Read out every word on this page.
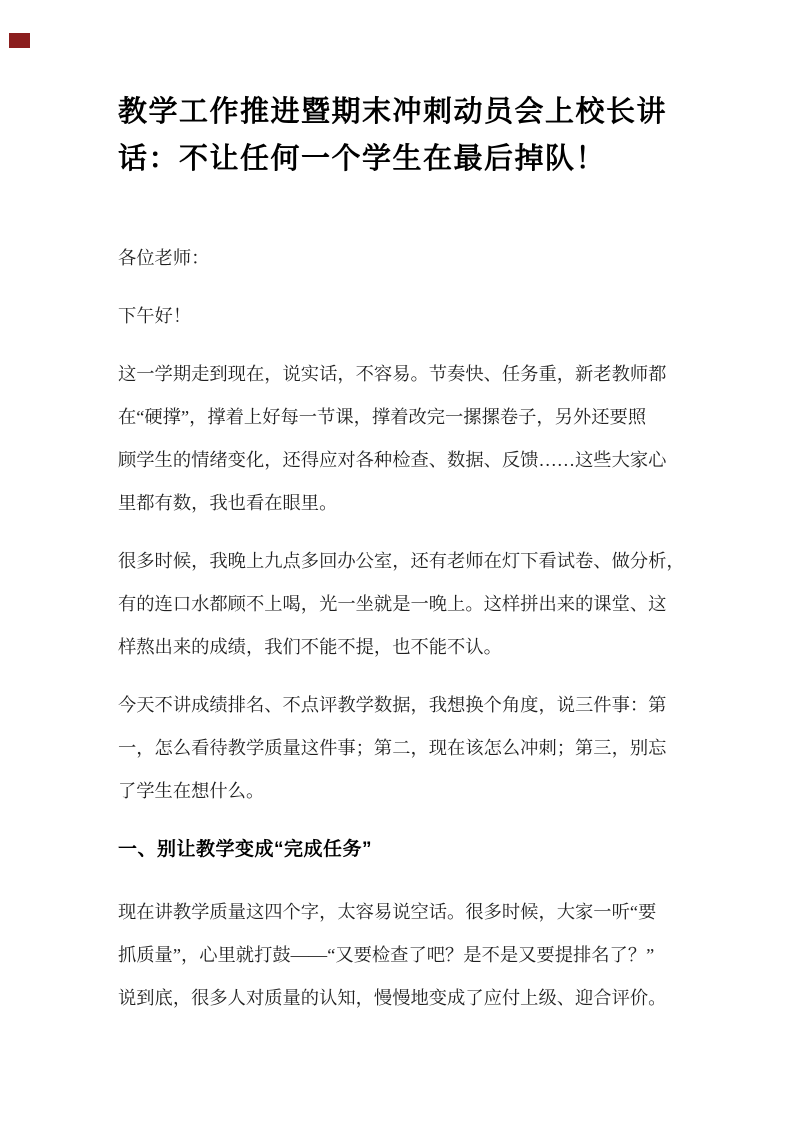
教学工作推进暨期末冲刺动员会上校长讲
话：不让任何一个学生在最后掉队！
各位老师：
下午好！
这一学期走到现在，说实话，不容易。节奏快、任务重，新老教师都
在“硬撑”，撑着上好每一节课，撑着改完一摞摞卷子，另外还要照
顾学生的情绪变化，还得应对各种检查、数据、反馈……这些大家心
里都有数，我也看在眼里。
很多时候，我晚上九点多回办公室，还有老师在灯下看试卷、做分析，
有的连口水都顾不上喝，光一坐就是一晚上。这样拼出来的课堂、这
样熬出来的成绩，我们不能不提，也不能不认。
今天不讲成绩排名、不点评教学数据，我想换个角度，说三件事：第
一，怎么看待教学质量这件事；第二，现在该怎么冲刺；第三，别忘
了学生在想什么。
一、别让教学变成“完成任务”
现在讲教学质量这四个字，太容易说空话。很多时候，大家一听“要
抓质量”，心里就打鼓——“又要检查了吧？是不是又要提排名了？”
说到底，很多人对质量的认知，慢慢地变成了应付上级、迎合评价。
